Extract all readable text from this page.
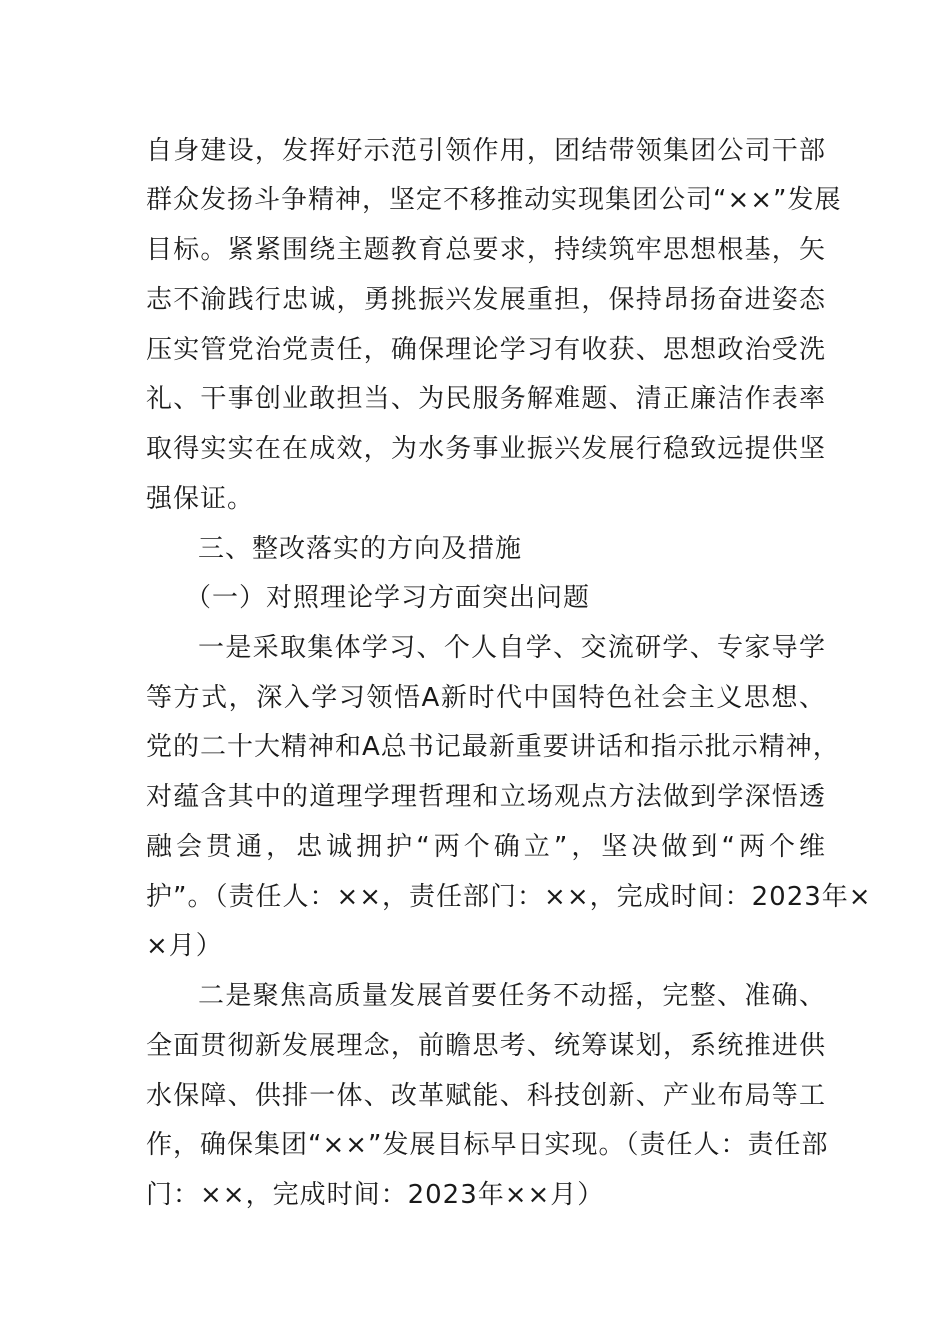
自身建设，发挥好示范引领作用，团结带领集团公司干部
群众发扬斗争精神，坚定不移推动实现集团公司“××”发展
目标。紧紧围绕主题教育总要求，持续筑牢思想根基，矢
志不渝践行忠诚，勇挑振兴发展重担，保持昂扬奋进姿态
压实管党治党责任，确保理论学习有收获、思想政治受洗
礼、干事创业敢担当、为民服务解难题、清正廉洁作表率
取得实实在在成效，为水务事业振兴发展行稳致远提供坚
强保证。
三、整改落实的方向及措施
（一）对照理论学习方面突出问题
一是采取集体学习、个人自学、交流研学、专家导学
等方式，深入学习领悟A新时代中国特色社会主义思想、
党的二十大精神和A总书记最新重要讲话和指示批示精神，
对蕴含其中的道理学理哲理和立场观点方法做到学深悟透
融会贯通，忠诚拥护“两个确立”，坚决做到“两个维
护”。（责任人：××，责任部门：××，完成时间：2023年×
×月）
二是聚焦高质量发展首要任务不动摇，完整、准确、
全面贯彻新发展理念，前瞻思考、统筹谋划，系统推进供
水保障、供排一体、改革赋能、科技创新、产业布局等工
作，确保集团“××”发展目标早日实现。（责任人：责任部
门：××，完成时间：2023年××月）
